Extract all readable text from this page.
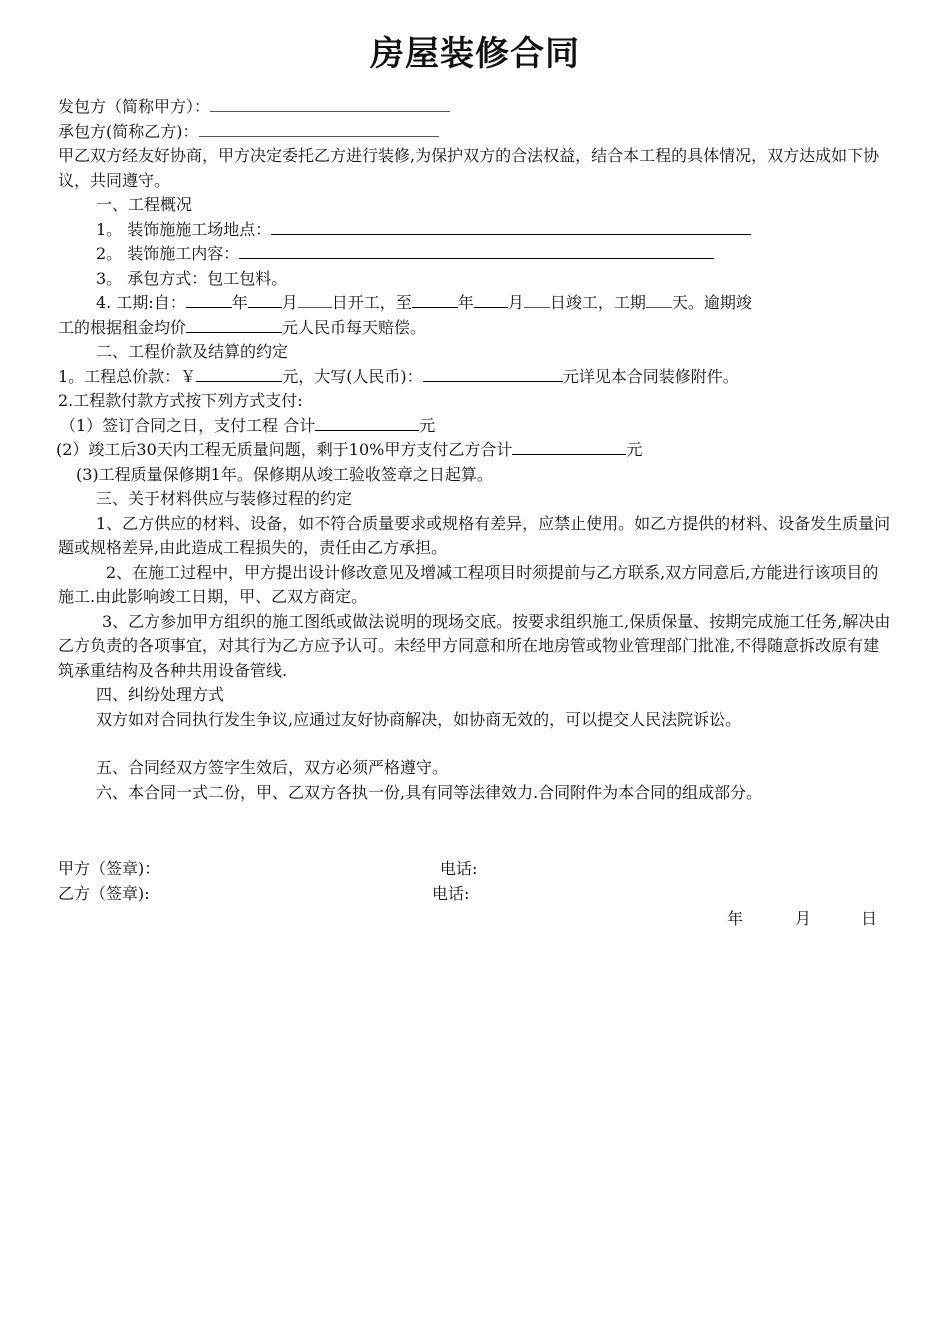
房屋装修合同
发包方（简称甲方）：
承包方(简称乙方)：
甲乙双方经友好协商，甲方决定委托乙方进行装修,为保护双方的合法权益，结合本工程的具体情况，双方达成如下协议，共同遵守。
一、工程概况
1。 装饰施施工场地点：
2。 装饰施工内容：
3。 承包方式：包工包料。
4. 工期:自：	年 月 日开工，至	年 月 日竣工，工期 天。逾期竣
工的根据租金均价	元人民币每天赔偿。
二、工程价款及结算的约定
1。工程总价款：￥	元，大写(人民币)：	元详见本合同装修附件。
2.工程款付款方式按下列方式支付:
（1）签订合同之日，支付工程 合计	元
(2）竣工后30天内工程无质量问题，剩于10%甲方支付乙方合计	元
(3)工程质量保修期1年。保修期从竣工验收签章之日起算。
三、关于材料供应与装修过程的约定
1、乙方供应的材料、设备，如不符合质量要求或规格有差异，应禁止使用。如乙方提供的材料、设备发生质量问题或规格差异,由此造成工程损失的，责任由乙方承担。
2、在施工过程中，甲方提出设计修改意见及增减工程项目时须提前与乙方联系,双方同意后,方能进行该项目的施工.由此影响竣工日期，甲、乙双方商定。
3、乙方参加甲方组织的施工图纸或做法说明的现场交底。按要求组织施工,保质保量、按期完成施工任务,解决由乙方负责的各项事宜，对其行为乙方应予认可。未经甲方同意和所在地房管或物业管理部门批准,不得随意拆改原有建筑承重结构及各种共用设备管线.
四、纠纷处理方式
双方如对合同执行发生争议,应通过友好协商解决，如协商无效的，可以提交人民法院诉讼。
五、合同经双方签字生效后，双方必须严格遵守。
六、本合同一式二份，甲、乙双方各执一份,具有同等法律效力.合同附件为本合同的组成部分。
甲方（签章)：	电话:
乙方（签章):	电话:
年	月	日
